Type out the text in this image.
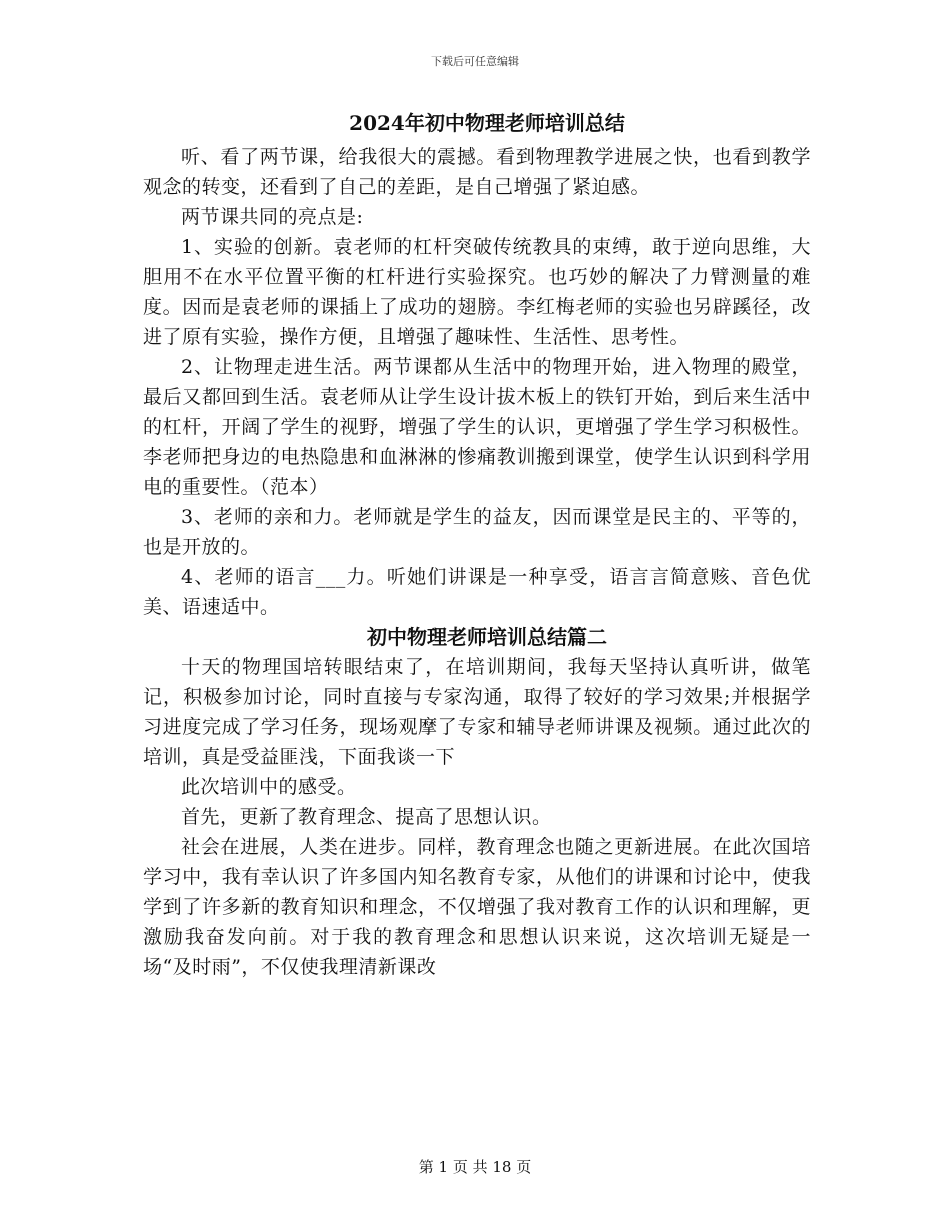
下载后可任意编辑
2024年初中物理老师培训总结

听、看了两节课，给我很大的震撼。看到物理教学进展之快，也看到教学观念的转变，还看到了自己的差距，是自己增强了紧迫感。

两节课共同的亮点是:

1、实验的创新。袁老师的杠杆突破传统教具的束缚，敢于逆向思维，大胆用不在水平位置平衡的杠杆进行实验探究。也巧妙的解决了力臂测量的难度。因而是袁老师的课插上了成功的翅膀。李红梅老师的实验也另辟蹊径，改进了原有实验，操作方便，且增强了趣味性、生活性、思考性。

2、让物理走进生活。两节课都从生活中的物理开始，进入物理的殿堂，最后又都回到生活。袁老师从让学生设计拔木板上的铁钉开始，到后来生活中的杠杆，开阔了学生的视野，增强了学生的认识，更增强了学生学习积极性。李老师把身边的电热隐患和血淋淋的惨痛教训搬到课堂，使学生认识到科学用电的重要性。（范本）

3、老师的亲和力。老师就是学生的益友，因而课堂是民主的、平等的，也是开放的。

4、老师的语言___力。听她们讲课是一种享受，语言言简意赅、音色优美、语速适中。

初中物理老师培训总结篇二

十天的物理国培转眼结束了，在培训期间，我每天坚持认真听讲，做笔记，积极参加讨论，同时直接与专家沟通，取得了较好的学习效果;并根据学习进度完成了学习任务，现场观摩了专家和辅导老师讲课及视频。通过此次的培训，真是受益匪浅，下面我谈一下

此次培训中的感受。

首先，更新了教育理念、提高了思想认识。

社会在进展，人类在进步。同样，教育理念也随之更新进展。在此次国培学习中，我有幸认识了许多国内知名教育专家，从他们的讲课和讨论中，使我学到了许多新的教育知识和理念，不仅增强了我对教育工作的认识和理解，更激励我奋发向前。对于我的教育理念和思想认识来说，这次培训无疑是一场“及时雨”，不仅使我理清新课改

第 1 页 共 18 页
